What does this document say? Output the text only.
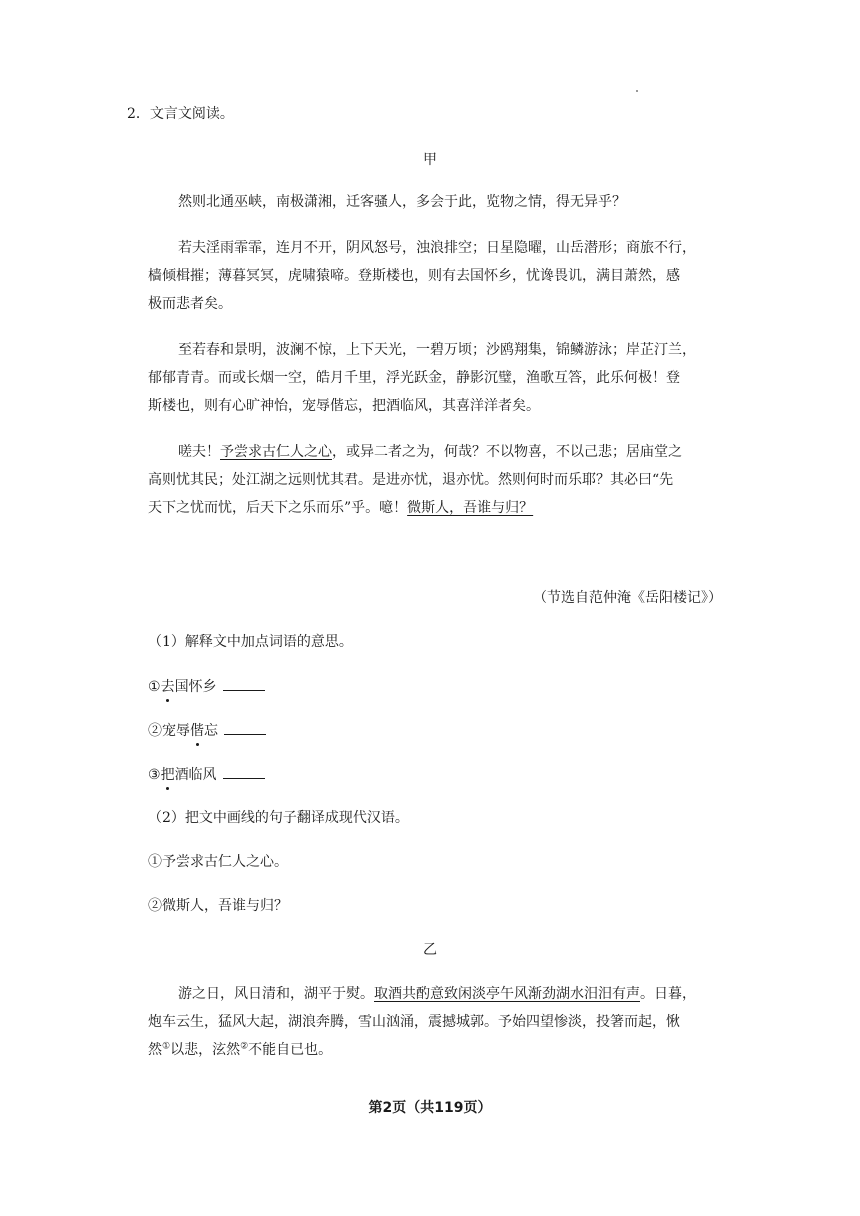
2．文言文阅读。

甲

然则北通巫峡，南极潇湘，迁客骚人，多会于此，览物之情，得无异乎？

若夫淫雨霏霏，连月不开，阴风怒号，浊浪排空；日星隐曜，山岳潜形；商旅不行，

樯倾楫摧；薄暮冥冥，虎啸猿啼。登斯楼也，则有去国怀乡，忧谗畏讥，满目萧然，感

极而悲者矣。

至若春和景明，波澜不惊，上下天光，一碧万顷；沙鸥翔集，锦鳞游泳；岸芷汀兰，

郁郁青青。而或长烟一空，皓月千里，浮光跃金，静影沉璧，渔歌互答，此乐何极！登

斯楼也，则有心旷神怡，宠辱偕忘，把酒临风，其喜洋洋者矣。

嗟夫！予尝求古仁人之心，或异二者之为，何哉？不以物喜，不以己悲；居庙堂之

高则忧其民；处江湖之远则忧其君。是进亦忧，退亦忧。然则何时而乐耶？其必曰“先

天下之忧而忧，后天下之乐而乐”乎。噫！微斯人，吾谁与归？

（节选自范仲淹《岳阳楼记》）

（1）解释文中加点词语的意思。

①去国怀乡

②宠辱偕忘

③把酒临风

（2）把文中画线的句子翻译成现代汉语。

①予尝求古仁人之心。

②微斯人，吾谁与归？

乙

游之日，风日清和，湖平于熨。取酒共酌意致闲淡亭午风渐劲湖水汨汨有声。日暮，

炮车云生，猛风大起，湖浪奔腾，雪山汹涌，震撼城郭。予始四望惨淡，投箸而起，愀

然①以悲，泫然②不能自已也。

第2页（共119页）
